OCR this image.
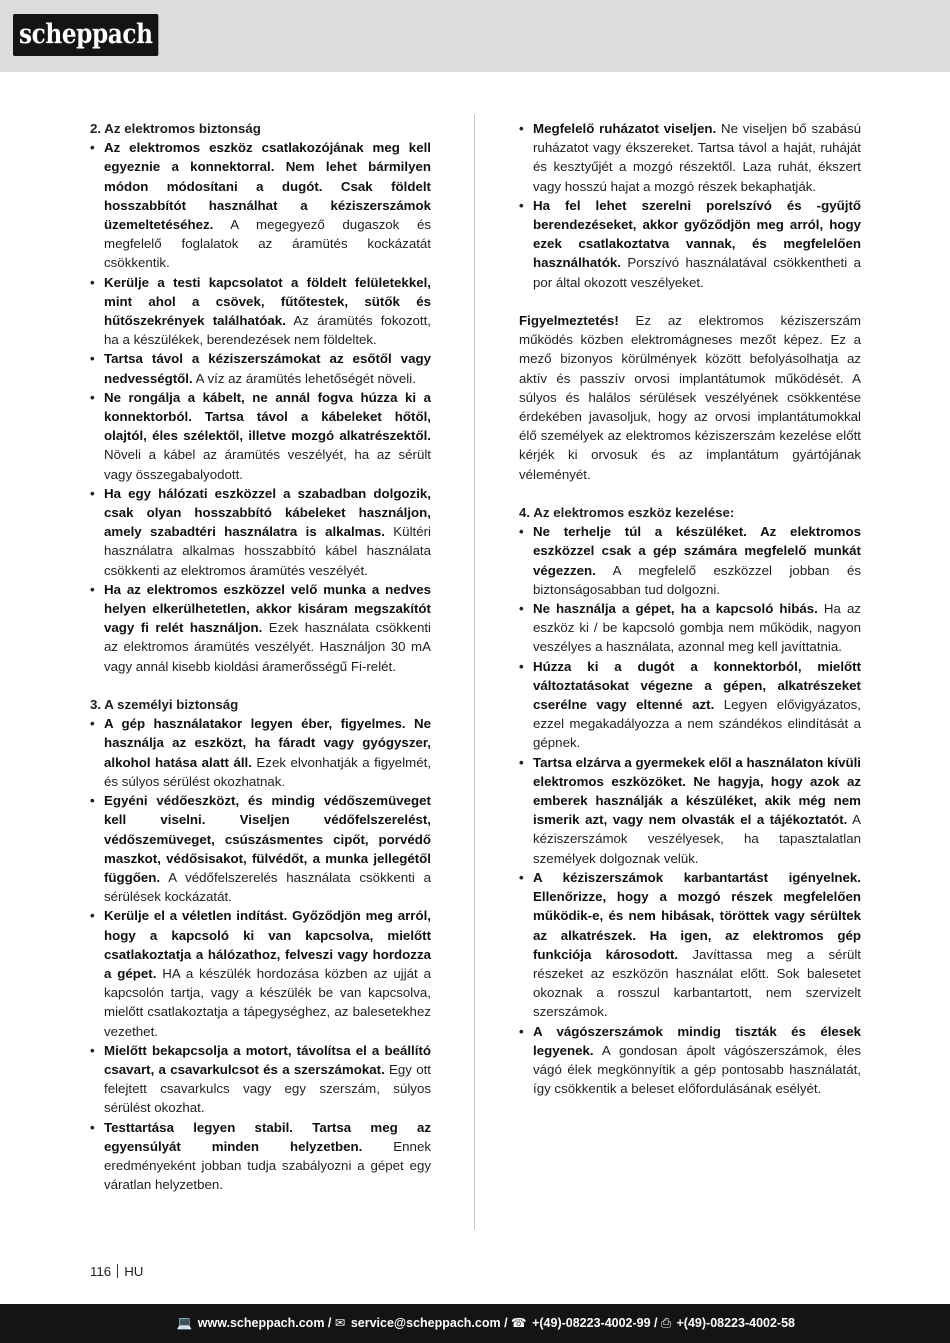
scheppach
2. Az elektromos biztonság
• Az elektromos eszköz csatlakozójának meg kell egyeznie a konnektorral. Nem lehet bármilyen módon módosítani a dugót. Csak földelt hosszabbítót használhat a kéziszerszámok üzemeltetéséhez. A megegyező dugaszok és megfelelő foglalatok az áramütés kockázatát csökkentik.
• Kerülje a testi kapcsolatot a földelt felületekkel, mint ahol a csövek, fűtőtestek, sütők és hűtőszekrények találhatóak. Az áramütés fokozott, ha a készülékek, berendezések nem földeltek.
• Tartsa távol a kéziszerszámokat az esőtől vagy nedvességtől. A víz az áramütés lehetőségét növeli.
• Ne rongálja a kábelt, ne annál fogva húzza ki a konnektorból. Tartsa távol a kábeleket hőtől, olajtól, éles szélektől, illetve mozgó alkatrészektől. Növeli a kábel az áramütés veszélyét, ha az sérült vagy összegabalyodott.
• Ha egy hálózati eszközzel a szabadban dolgozik, csak olyan hosszabbító kábeleket használjon, amely szabadtéri használatra is alkalmas. Kültéri használatra alkalmas hosszabbító kábel használata csökkenti az elektromos áramütés veszélyét.
• Ha az elektromos eszközzel velő munka a nedves helyen elkerülhetetlen, akkor kisáram megszakítót vagy fi relét használjon. Ezek használata csökkenti az elektromos áramütés veszélyét. Használjon 30 mA vagy annál kisebb kioldási áramerősségű Fi-relét.
3. A személyi biztonság
• A gép használatakor legyen éber, figyelmes. Ne használja az eszközt, ha fáradt vagy gyógyszer, alkohol hatása alatt áll. Ezek elvonhatják a figyelmét, és súlyos sérülést okozhatnak.
• Egyéni védőeszközt, és mindig védőszemüveget kell viselni. Viseljen védőfelszerelést, védőszemüveget, csúszásmentes cipőt, porvédő maszkot, védősisakot, fülvédőt, a munka jellegétől függően. A védőfelszerelés használata csökkenti a sérülések kockázatát.
• Kerülje el a véletlen indítást. Győződjön meg arról, hogy a kapcsoló ki van kapcsolva, mielőtt csatlakoztatja a hálózathoz, felveszi vagy hordozza a gépet. HA a készülék hordozása közben az ujját a kapcsolón tartja, vagy a készülék be van kapcsolva, mielőtt csatlakoztatja a tápegységhez, az balesetekhez vezethet.
• Mielőtt bekapcsolja a motort, távolítsa el a beállító csavart, a csavarkulcsot és a szerszámokat. Egy ott felejtett csavarkulcs vagy egy szerszám, súlyos sérülést okozhat.
• Testtartása legyen stabil. Tartsa meg az egyensúlyát minden helyzetben. Ennek eredményeként jobban tudja szabályozni a gépet egy váratlan helyzetben.
• Megfelelő ruházatot viseljen. Ne viseljen bő szabású ruházatot vagy ékszereket. Tartsa távol a haját, ruháját és kesztyűjét a mozgó részektől. Laza ruhát, ékszert vagy hosszú hajat a mozgó részek bekaphatják.
• Ha fel lehet szerelni porelszívó és -gyűjtő berendezéseket, akkor győződjön meg arról, hogy ezek csatlakoztatva vannak, és megfelelően használhatók. Porszívó használatával csökkentheti a por által okozott veszélyeket.

Figyelmeztetés! Ez az elektromos kéziszerszám működés közben elektromágneses mezőt képez. Ez a mező bizonyos körülmények között befolyásolhatja az aktív és passzív orvosi implantátumok működését. A súlyos és halálos sérülések veszélyének csökkentése érdekében javasoljuk, hogy az orvosi implantátumokkal élő személyek az elektromos kéziszerszám kezelése előtt kérjék ki orvosuk és az implantátum gyártójának véleményét.

4. Az elektromos eszköz kezelése:
• Ne terhelje túl a készüléket. Az elektromos eszközzel csak a gép számára megfelelő munkát végezzen. A megfelelő eszközzel jobban és biztonságosabban tud dolgozni.
• Ne használja a gépet, ha a kapcsoló hibás. Ha az eszköz ki / be kapcsoló gombja nem működik, nagyon veszélyes a használata, azonnal meg kell javíttatnia.
• Húzza ki a dugót a konnektorból, mielőtt változtatásokat végezne a gépen, alkatrészeket cserélne vagy eltenné azt. Legyen elővigyázatos, ezzel megakadályozza a nem szándékos elindítását a gépnek.
• Tartsa elzárva a gyermekek elől a használaton kívüli elektromos eszközöket. Ne hagyja, hogy azok az emberek használják a készüléket, akik még nem ismerik azt, vagy nem olvasták el a tájékoztatót. A kéziszerszámok veszélyesek, ha tapasztalatlan személyek dolgoznak velük.
• A kéziszerszámok karbantartást igényelnek. Ellenőrizze, hogy a mozgó részek megfelelően működik-e, és nem hibásak, töröttek vagy sérültek az alkatrészek. Ha igen, az elektromos gép funkciója károsodott. Javíttassa meg a sérült részeket az eszközön használat előtt. Sok balesetet okoznak a rosszul karbantartott, nem szervizelt szerszámok.
• A vágószerszámok mindig tiszták és élesek legyenek. A gondosan ápolt vágószerszámok, éles vágó élek megkönnyítik a gép pontosabb használatát, így csökkentik a beleset előfordulásának esélyét.
116 HU
💻 www.scheppach.com / ✉ service@scheppach.com / ☎ +(49)-08223-4002-99 / ⎙ +(49)-08223-4002-58
